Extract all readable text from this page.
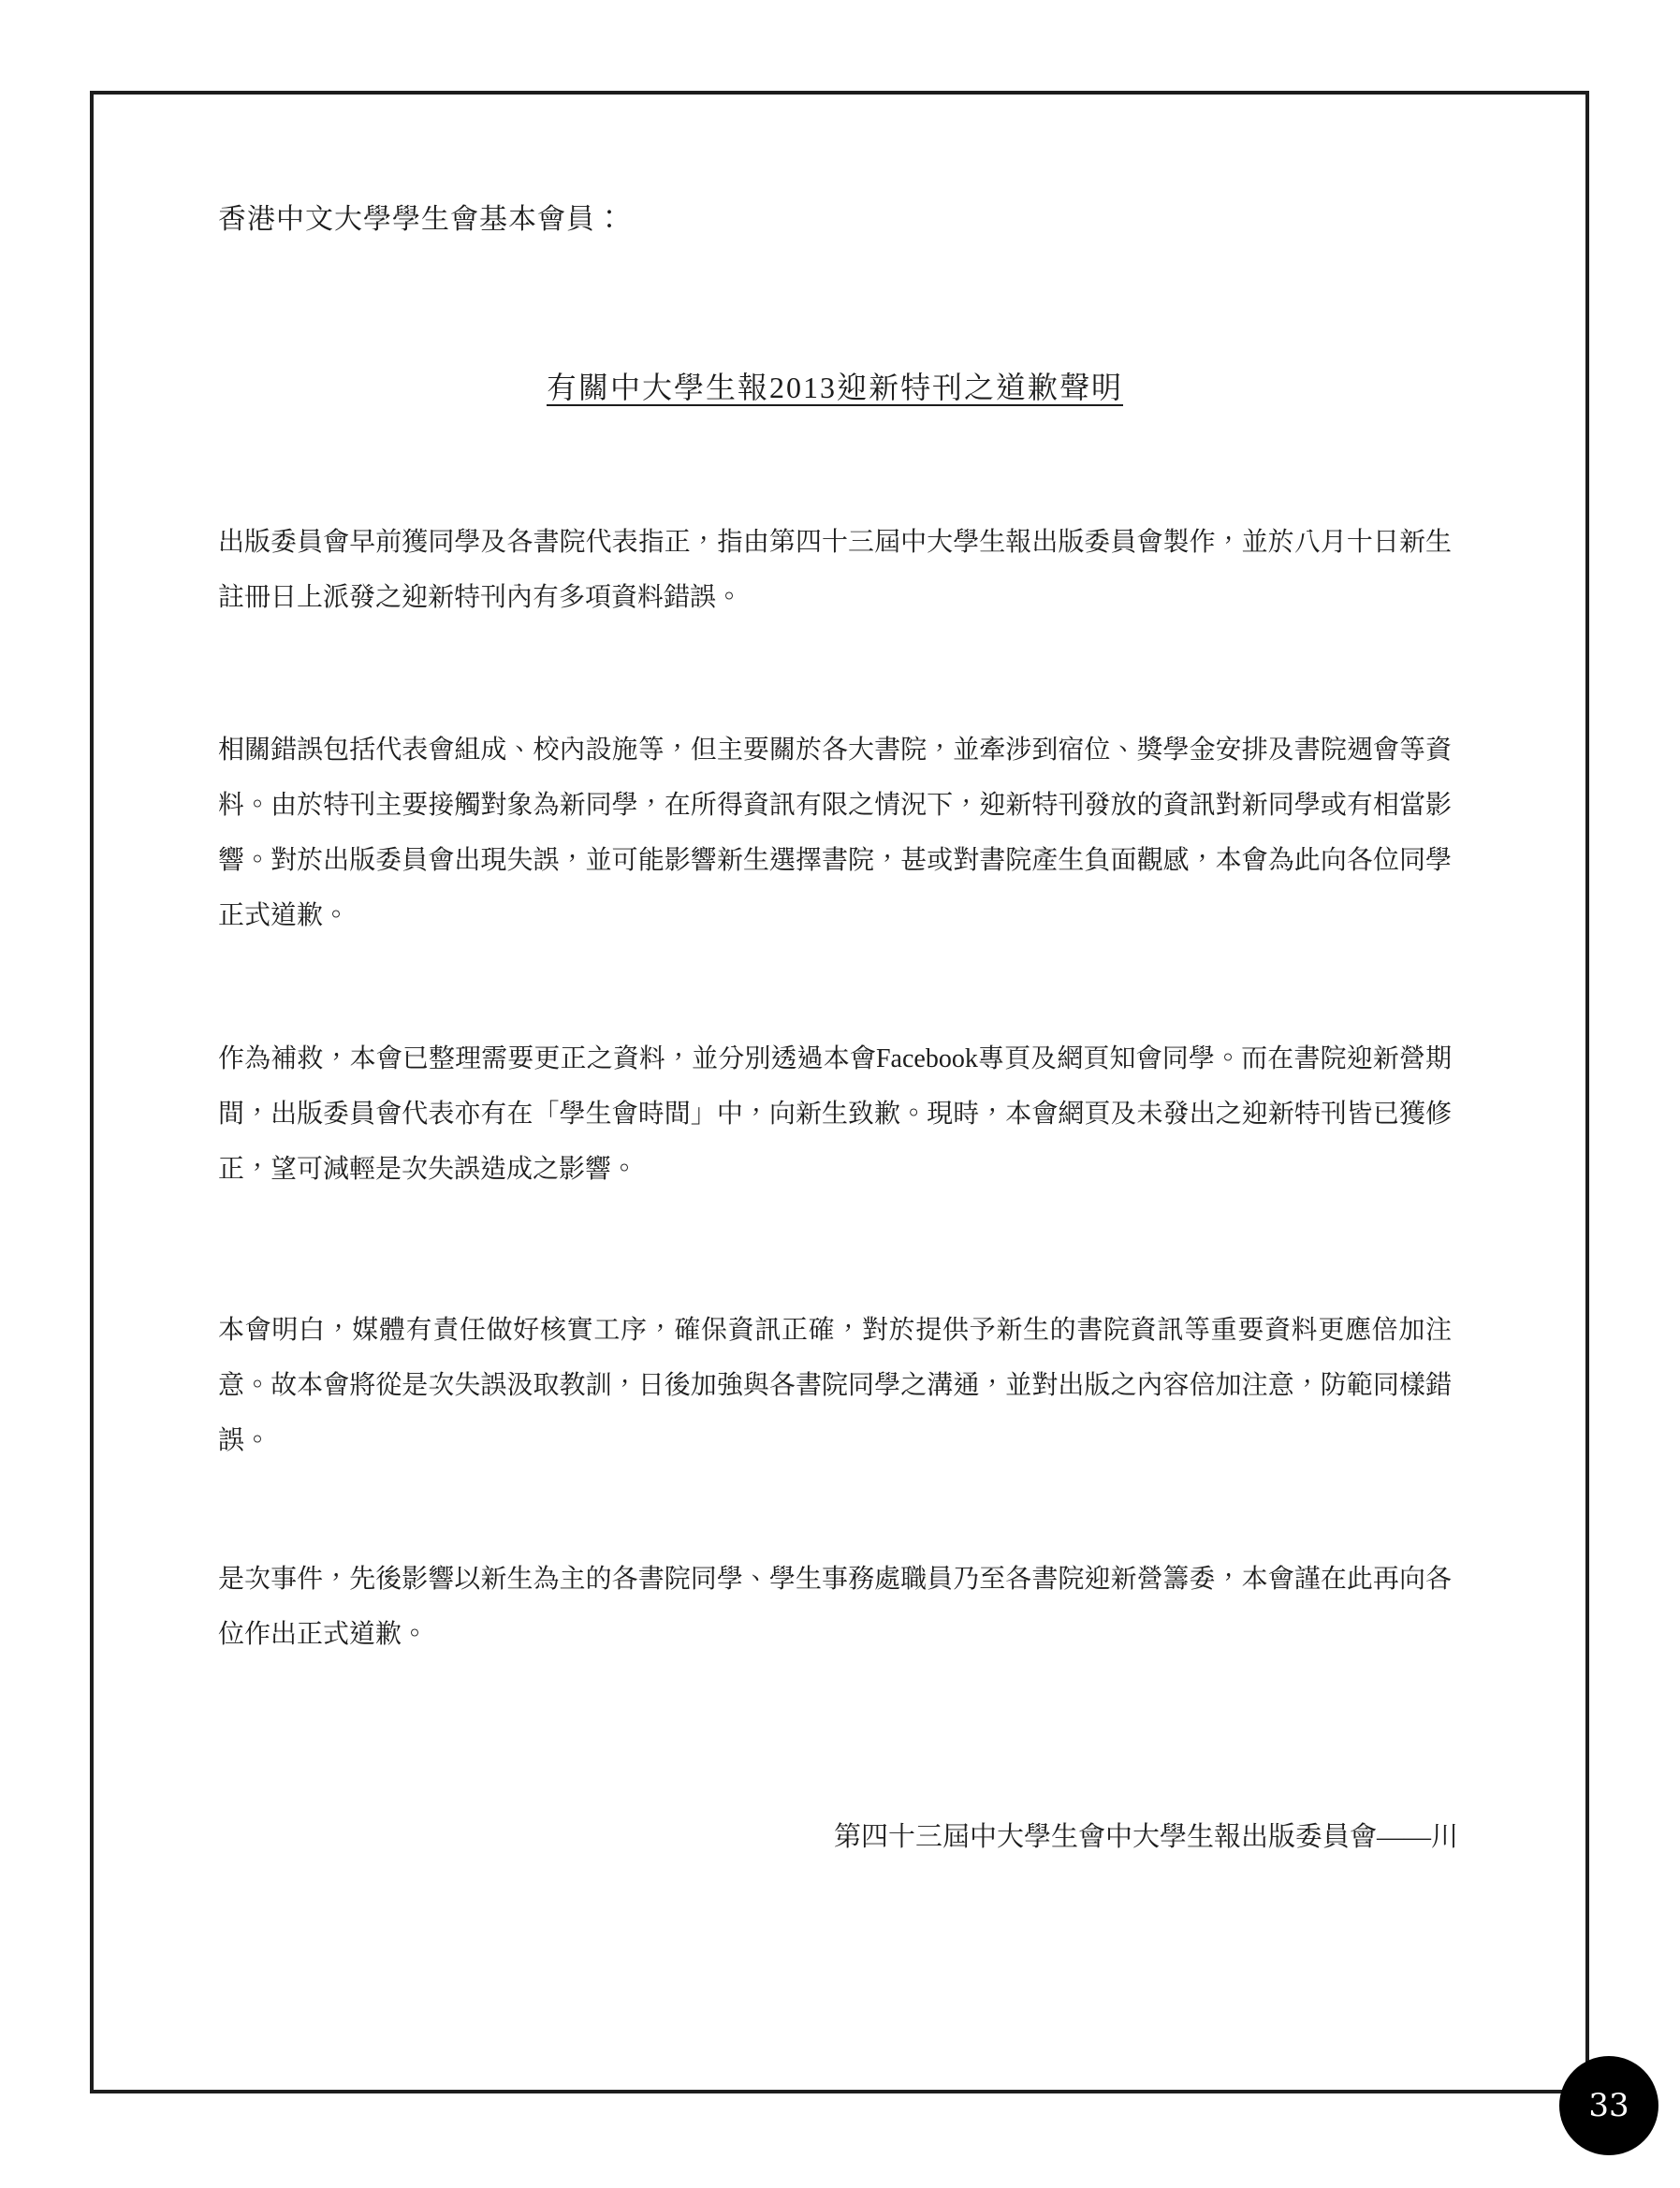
香港中文大學學生會基本會員：
有關中大學生報2013迎新特刊之道歉聲明
出版委員會早前獲同學及各書院代表指正，指由第四十三屆中大學生報出版委員會製作，並於八月十日新生註冊日上派發之迎新特刊內有多項資料錯誤。
相關錯誤包括代表會組成、校內設施等，但主要關於各大書院，並牽涉到宿位、獎學金安排及書院週會等資料。由於特刊主要接觸對象為新同學，在所得資訊有限之情況下，迎新特刊發放的資訊對新同學或有相當影響。對於出版委員會出現失誤，並可能影響新生選擇書院，甚或對書院產生負面觀感，本會為此向各位同學正式道歉。
作為補救，本會已整理需要更正之資料，並分別透過本會Facebook專頁及網頁知會同學。而在書院迎新營期間，出版委員會代表亦有在「學生會時間」中，向新生致歉。現時，本會網頁及未發出之迎新特刊皆已獲修正，望可減輕是次失誤造成之影響。
本會明白，媒體有責任做好核實工序，確保資訊正確，對於提供予新生的書院資訊等重要資料更應倍加注意。故本會將從是次失誤汲取教訓，日後加強與各書院同學之溝通，並對出版之內容倍加注意，防範同樣錯誤。
是次事件，先後影響以新生為主的各書院同學、學生事務處職員乃至各書院迎新營籌委，本會謹在此再向各位作出正式道歉。
第四十三屆中大學生會中大學生報出版委員會——川
33
